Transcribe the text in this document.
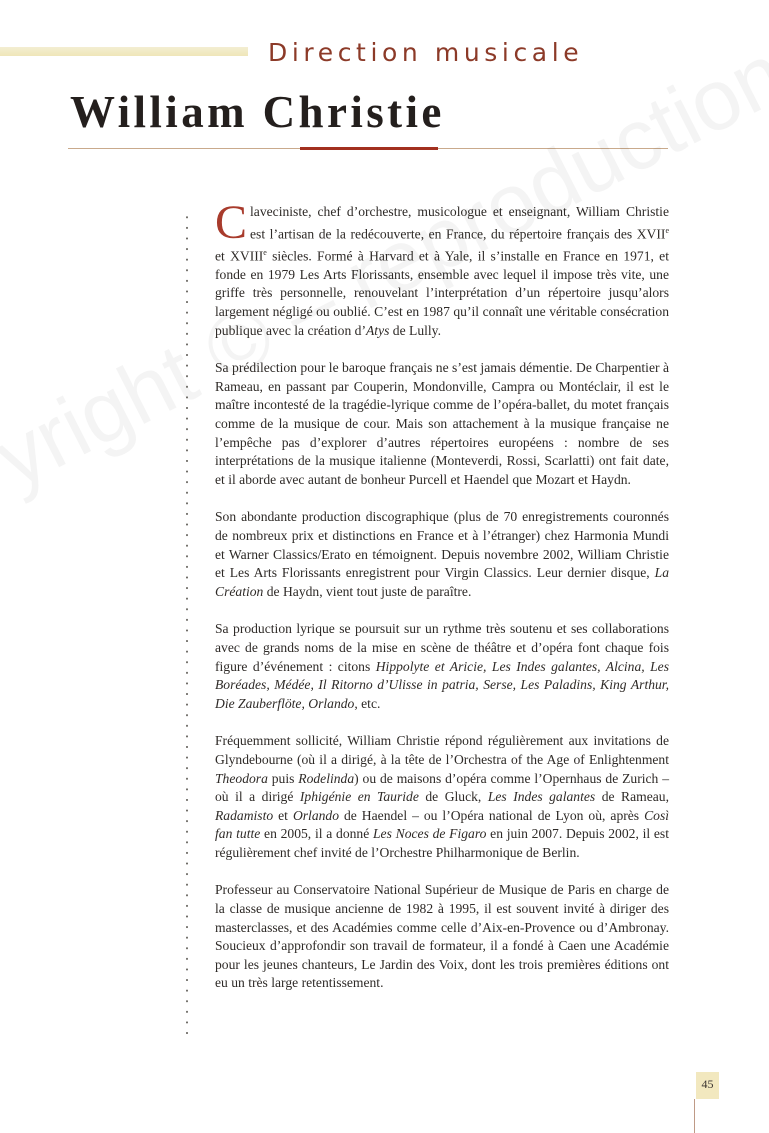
Direction musicale
William Christie

Claveciniste, chef d’orchestre, musicologue et enseignant, William Christie est l’artisan de la redécouverte, en France, du répertoire français des XVIIe et XVIIIe siècles. Formé à Harvard et à Yale, il s’installe en France en 1971, et fonde en 1979 Les Arts Florissants, ensemble avec lequel il impose très vite, une griffe très personnelle, renouvelant l’interprétation d’un répertoire jusqu’alors largement négligé ou oublié. C’est en 1987 qu’il connaît une véritable consécration publique avec la création d’Atys de Lully.

Sa prédilection pour le baroque français ne s’est jamais démentie. De Charpentier à Rameau, en passant par Couperin, Mondonville, Campra ou Montéclair, il est le maître incontesté de la tragédie-lyrique comme de l’opéra-ballet, du motet français comme de la musique de cour. Mais son attachement à la musique française ne l’empêche pas d’explorer d’autres répertoires européens : nombre de ses interprétations de la musique italienne (Monteverdi, Rossi, Scarlatti) ont fait date, et il aborde avec autant de bonheur Purcell et Haendel que Mozart et Haydn.

Son abondante production discographique (plus de 70 enregistrements couronnés de nombreux prix et distinctions en France et à l’étranger) chez Harmonia Mundi et Warner Classics/Erato en témoignent. Depuis novembre 2002, William Christie et Les Arts Florissants enregistrent pour Virgin Classics. Leur dernier disque, La Création de Haydn, vient tout juste de paraître.

Sa production lyrique se poursuit sur un rythme très soutenu et ses collaborations avec de grands noms de la mise en scène de théâtre et d’opéra font chaque fois figure d’événement : citons Hippolyte et Aricie, Les Indes galantes, Alcina, Les Boréades, Médée, Il Ritorno d’Ulisse in patria, Serse, Les Paladins, King Arthur, Die Zauberflöte, Orlando, etc.

Fréquemment sollicité, William Christie répond régulièrement aux invitations de Glyndebourne (où il a dirigé, à la tête de l’Orchestra of the Age of Enlightenment Theodora puis Rodelinda) ou de maisons d’opéra comme l’Opernhaus de Zurich – où il a dirigé Iphigénie en Tauride de Gluck, Les Indes galantes de Rameau, Radamisto et Orlando de Haendel – ou l’Opéra national de Lyon où, après Così fan tutte en 2005, il a donné Les Noces de Figaro en juin 2007. Depuis 2002, il est régulièrement chef invité de l’Orchestre Philharmonique de Berlin.

Professeur au Conservatoire National Supérieur de Musique de Paris en charge de la classe de musique ancienne de 1982 à 1995, il est souvent invité à diriger des masterclasses, et des Académies comme celle d’Aix-en-Provence ou d’Ambronay. Soucieux d’approfondir son travail de formateur, il a fondé à Caen une Académie pour les jeunes chanteurs, Le Jardin des Voix, dont les trois premières éditions ont eu un très large retentissement.

45
